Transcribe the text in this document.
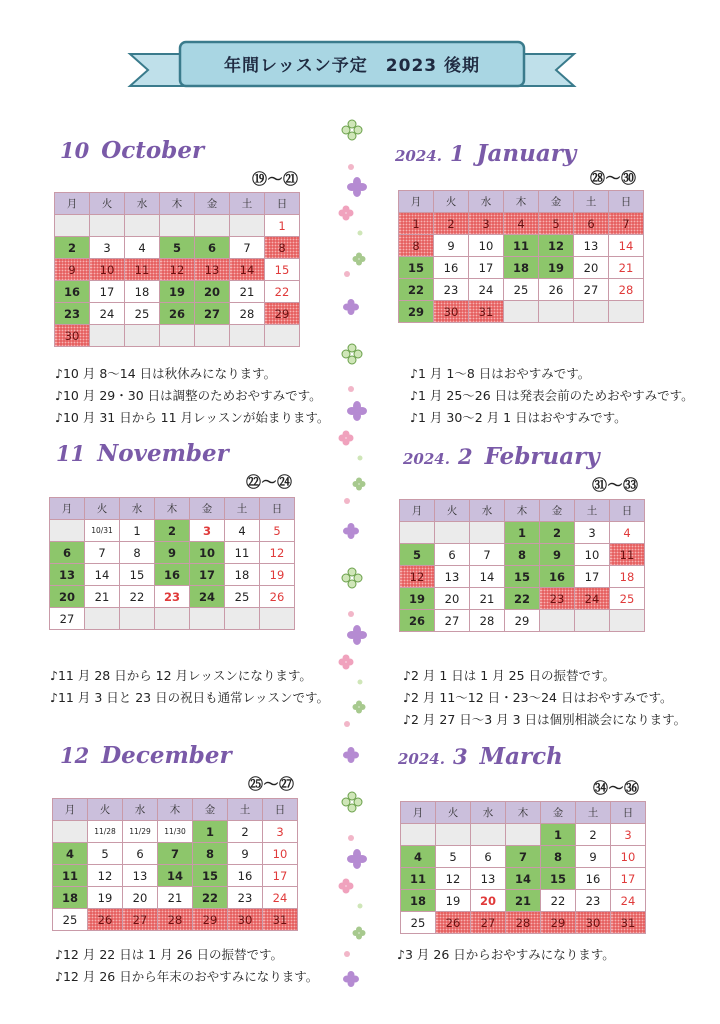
年間レッスン予定　2023 後期
10 October
⑲〜㉑
月	火	水	木	金	土	日
						1
2	3	4	5	6	7	8
9	10	11	12	13	14	15
16	17	18	19	20	21	22
23	24	25	26	27	28	29
30						
♪10 月 8〜14 日は秋休みになります。
♪10 月 29・30 日は調整のためおやすみです。
♪10 月 31 日から 11 月レッスンが始まります。
11 November
㉒〜㉔
月	火	水	木	金	土	日
	10/31	1	2	3	4	5
6	7	8	9	10	11	12
13	14	15	16	17	18	19
20	21	22	23	24	25	26
27						
♪11 月 28 日から 12 月レッスンになります。
♪11 月 3 日と 23 日の祝日も通常レッスンです。
12 December
㉕〜㉗
月	火	水	木	金	土	日
	11/28	11/29	11/30	1	2	3
4	5	6	7	8	9	10
11	12	13	14	15	16	17
18	19	20	21	22	23	24
25	26	27	28	29	30	31
♪12 月 22 日は 1 月 26 日の振替です。
♪12 月 26 日から年末のおやすみになります。
2024. 1 January
㉘〜㉚
月	火	水	木	金	土	日
1	2	3	4	5	6	7
8	9	10	11	12	13	14
15	16	17	18	19	20	21
22	23	24	25	26	27	28
29	30	31				
♪1 月 1〜8 日はおやすみです。
♪1 月 25〜26 日は発表会前のためおやすみです。
♪1 月 30〜2 月 1 日はおやすみです。
2024. 2 February
㉛〜㉝
月	火	水	木	金	土	日
			1	2	3	4
5	6	7	8	9	10	11
12	13	14	15	16	17	18
19	20	21	22	23	24	25
26	27	28	29			
♪2 月 1 日は 1 月 25 日の振替です。
♪2 月 11〜12 日・23〜24 日はおやすみです。
♪2 月 27 日〜3 月 3 日は個別相談会になります。
2024. 3 March
㉞〜㊱
月	火	水	木	金	土	日
				1	2	3
4	5	6	7	8	9	10
11	12	13	14	15	16	17
18	19	20	21	22	23	24
25	26	27	28	29	30	31
♪3 月 26 日からおやすみになります。
